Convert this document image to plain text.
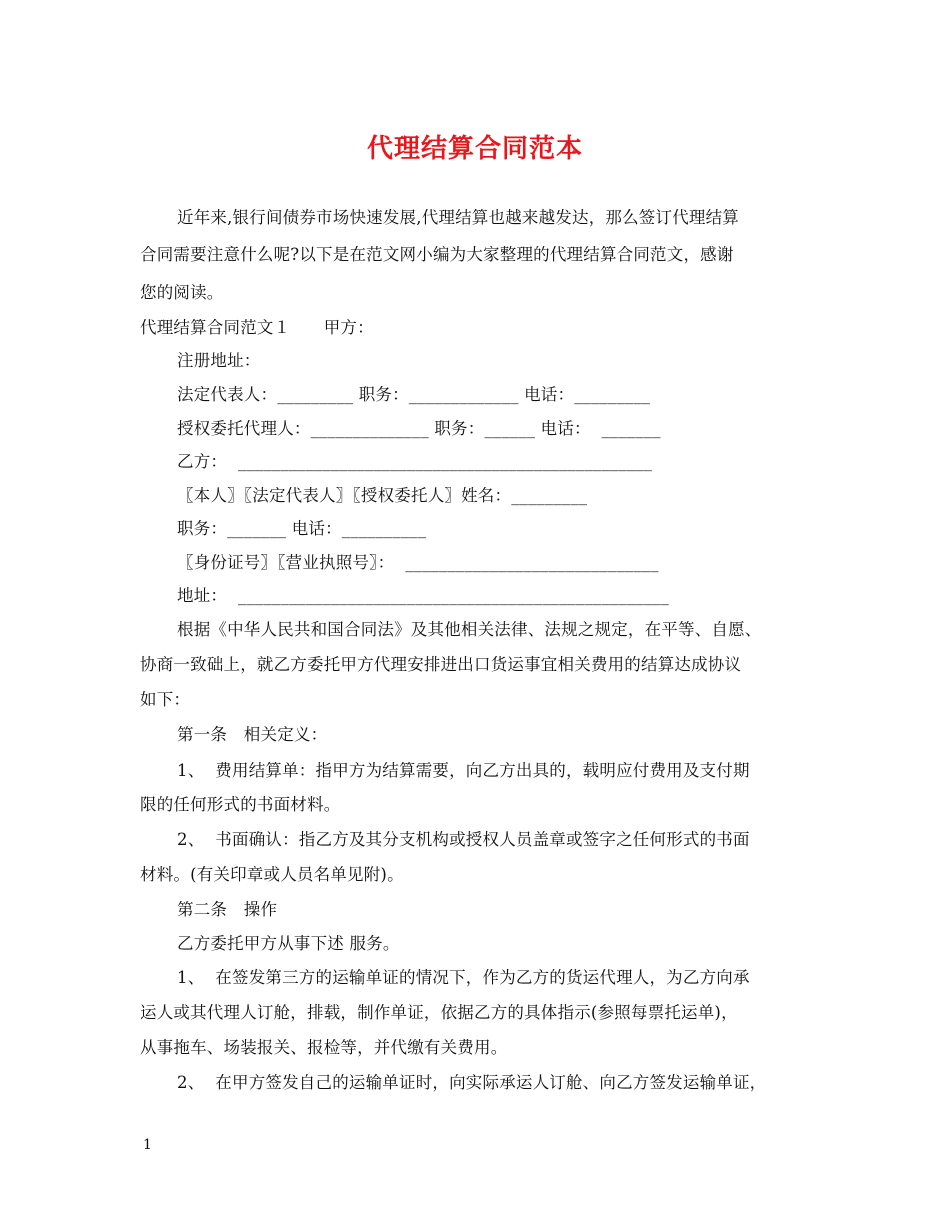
代理结算合同范本
近年来,银行间债券市场快速发展,代理结算也越来越发达，那么签订代理结算
合同需要注意什么呢?以下是在范文网小编为大家整理的代理结算合同范文，感谢
您的阅读。
代理结算合同范文１　　甲方：
注册地址：
法定代表人：_________ 职务：_____________ 电话：_________
授权委托代理人：______________ 职务：______ 电话：  _______
乙方：  _________________________________________________
〖本人〗〖法定代表人〗〖授权委托人〗姓名：_________
职务：_______ 电话：__________
〖身份证号〗〖营业执照号〗：  ______________________________
地址：  ___________________________________________________
根据《中华人民共和国合同法》及其他相关法律、法规之规定，在平等、自愿、
协商一致础上，就乙方委托甲方代理安排进出口货运事宜相关费用的结算达成协议
如下：
第一条　相关定义：
1、  费用结算单：指甲方为结算需要，向乙方出具的，载明应付费用及支付期
限的任何形式的书面材料。
2、  书面确认：指乙方及其分支机构或授权人员盖章或签字之任何形式的书面
材料。(有关印章或人员名单见附)。
第二条　操作
乙方委托甲方从事下述 服务。
1、  在签发第三方的运输单证的情况下，作为乙方的货运代理人，为乙方向承
运人或其代理人订舱，排载，制作单证，依据乙方的具体指示(参照每票托运单)，
从事拖车、场装报关、报检等，并代缴有关费用。
2、  在甲方签发自己的运输单证时，向实际承运人订舱、向乙方签发运输单证，
1
